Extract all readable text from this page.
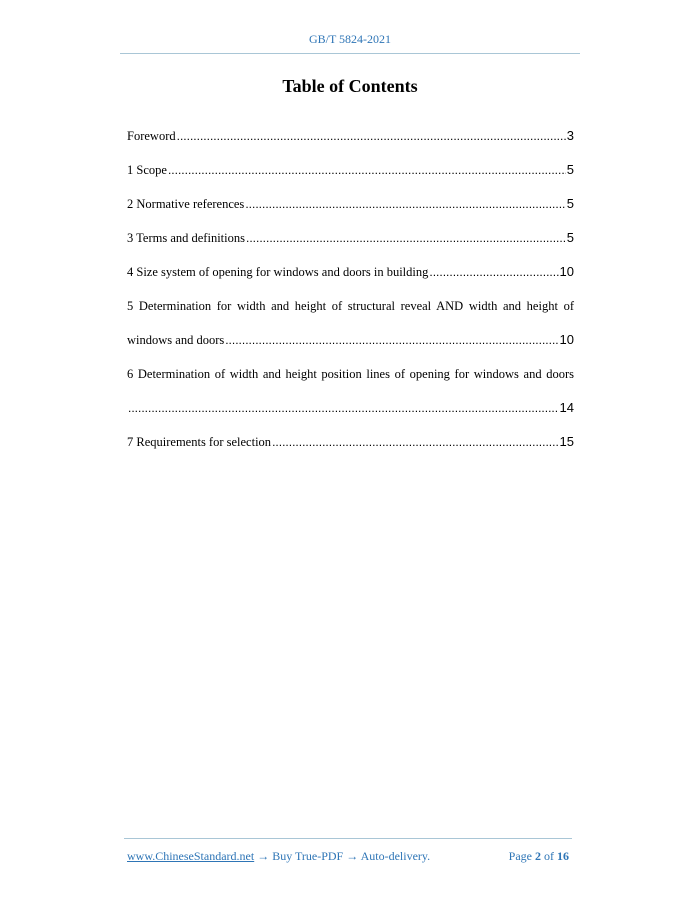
GB/T 5824-2021
Table of Contents
Foreword .....	3
1 Scope .....	5
2 Normative references .....	5
3 Terms and definitions .....	5
4 Size system of opening for windows and doors in building .....	10
5 Determination for width and height of structural reveal AND width and height of
windows and doors .....	10
6 Determination of width and height position lines of opening for windows and doors
.....
14
7 Requirements for selection .....	15
www.ChineseStandard.net → Buy True-PDF → Auto-delivery.	Page 2 of 16
